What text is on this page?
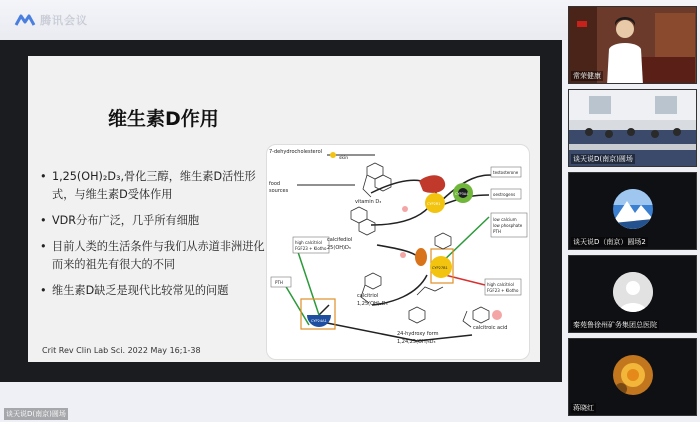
腾讯会议
维生素D作用
• 1,25(OH)₂D₃,骨化三醇，维生素D活性形式，与维生素D受体作用
• VDR分布广泛，几乎所有细胞
• 目前人类的生活条件与我们从赤道非洲进化而来的祖先有很大的不同
• 维生素D缺乏是现代比较常见的问题
Crit Rev Clin Lab Sci. 2022 May 16;1-38
7-dehydrocholesterol
skin
food
sources
vitamin D₃
testosterone
oestrogens
calcifediol
25(OH)D₃
low calcium
low phosphate
PTH
high calcitriol
FGF23 + Klotho
PTH	high calcitriol
FGF23 + Klotho
calcitriol
1,25(OH)₂D₃
24-hydroxy form
1,24,25(OH)₃D₃
calcitroic acid
CYP2R1
CYP3A4
CYP27B1
CYP24A1
谈天说D(南京)圆场
常荣健康
谈天说D(南京)圆场
谈天说D（南京）圆场2
秦苑鲁徐州矿务集团总医院
蒋晓红
